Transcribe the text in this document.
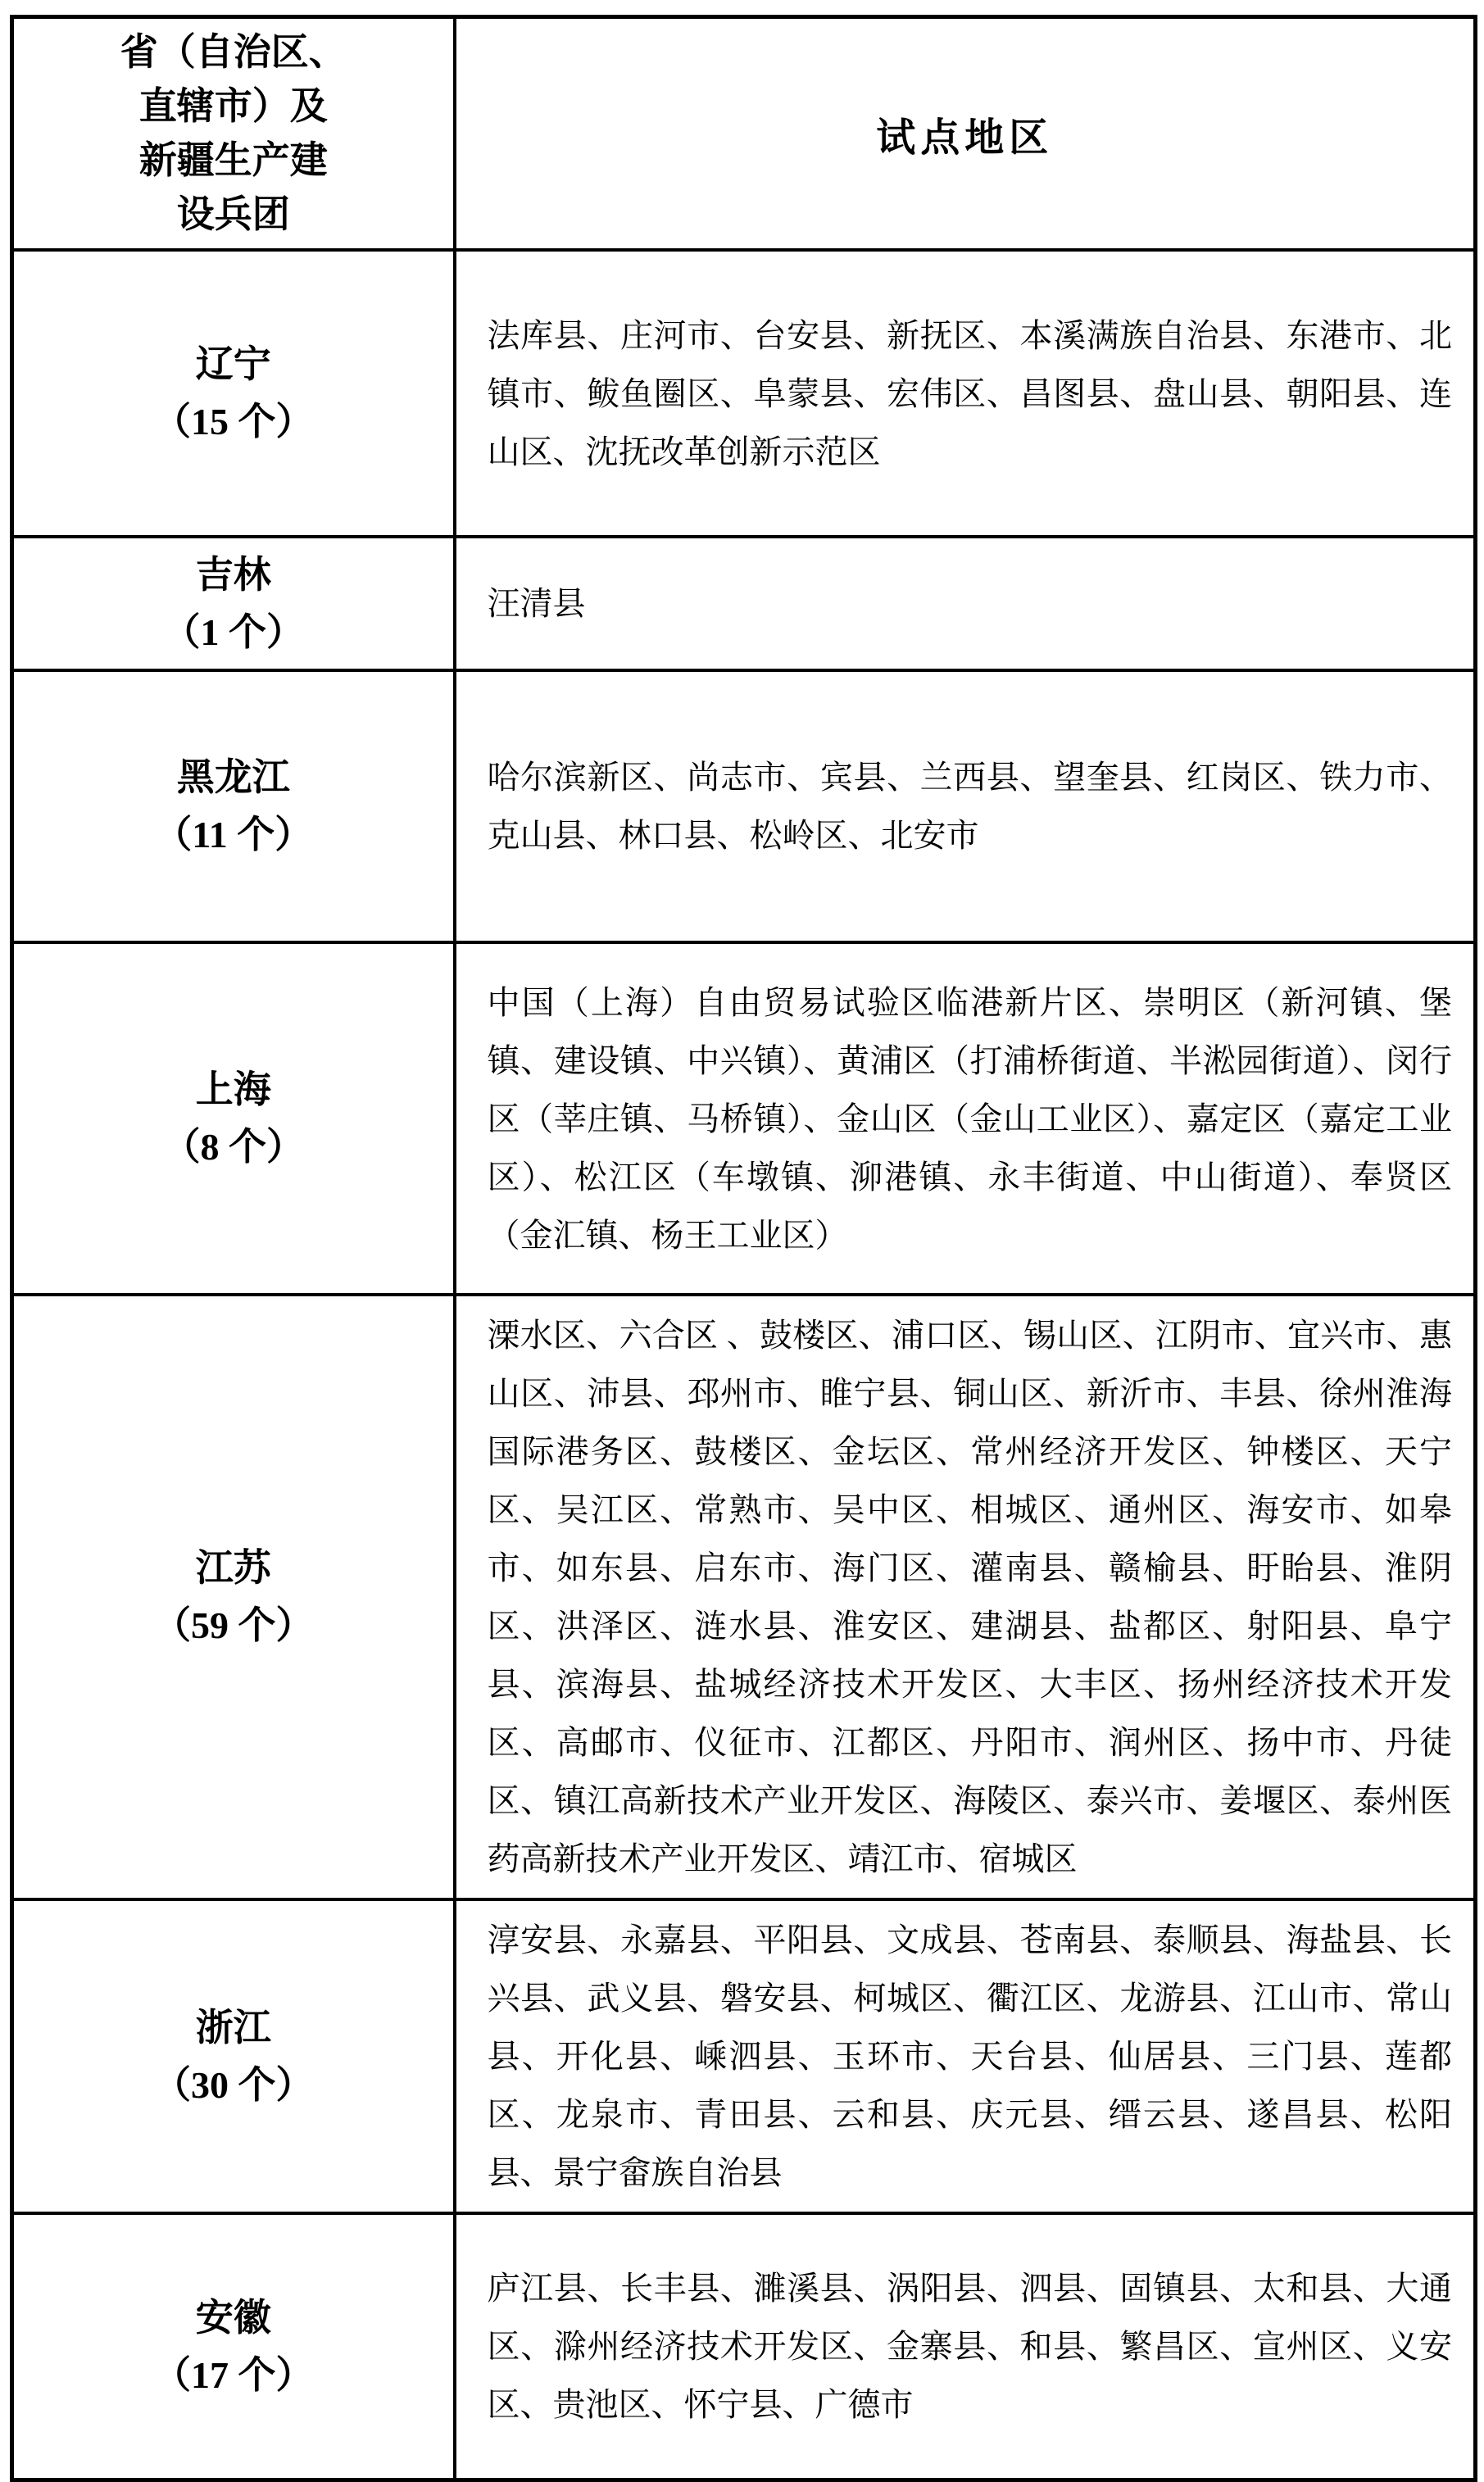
省（自治区、
直辖市）及
新疆生产建
设兵团	试点地区

辽宁
（15 个）	法库县、庄河市、台安县、新抚区、本溪满族自治县、东港市、北镇市、鲅鱼圈区、阜蒙县、宏伟区、昌图县、盘山县、朝阳县、连山区、沈抚改革创新示范区

吉林
（1 个）	汪清县

黑龙江
（11 个）	哈尔滨新区、尚志市、宾县、兰西县、望奎县、红岗区、铁力市、克山县、林口县、松岭区、北安市

上海
（8 个）	中国（上海）自由贸易试验区临港新片区、崇明区（新河镇、堡镇、建设镇、中兴镇）、黄浦区（打浦桥街道、半淞园街道）、闵行区（莘庄镇、马桥镇）、金山区（金山工业区）、嘉定区（嘉定工业区）、松江区（车墩镇、泖港镇、永丰街道、中山街道）、奉贤区（金汇镇、杨王工业区）

江苏
（59 个）	溧水区、六合区 、鼓楼区、浦口区、锡山区、江阴市、宜兴市、惠山区、沛县、邳州市、睢宁县、铜山区、新沂市、丰县、徐州淮海国际港务区、鼓楼区、金坛区、常州经济开发区、钟楼区、天宁区、吴江区、常熟市、吴中区、相城区、通州区、海安市、如皋市、如东县、启东市、海门区、灌南县、赣榆县、盱眙县、淮阴区、洪泽区、涟水县、淮安区、建湖县、盐都区、射阳县、阜宁县、滨海县、盐城经济技术开发区、大丰区、扬州经济技术开发区、高邮市、仪征市、江都区、丹阳市、润州区、扬中市、丹徒区、镇江高新技术产业开发区、海陵区、泰兴市、姜堰区、泰州医药高新技术产业开发区、靖江市、宿城区

浙江
（30 个）	淳安县、永嘉县、平阳县、文成县、苍南县、泰顺县、海盐县、长兴县、武义县、磐安县、柯城区、衢江区、龙游县、江山市、常山县、开化县、嵊泗县、玉环市、天台县、仙居县、三门县、莲都区、龙泉市、青田县、云和县、庆元县、缙云县、遂昌县、松阳县、景宁畲族自治县

安徽
（17 个）	庐江县、长丰县、濉溪县、涡阳县、泗县、固镇县、太和县、大通区、滁州经济技术开发区、金寨县、和县、繁昌区、宣州区、义安区、贵池区、怀宁县、广德市
